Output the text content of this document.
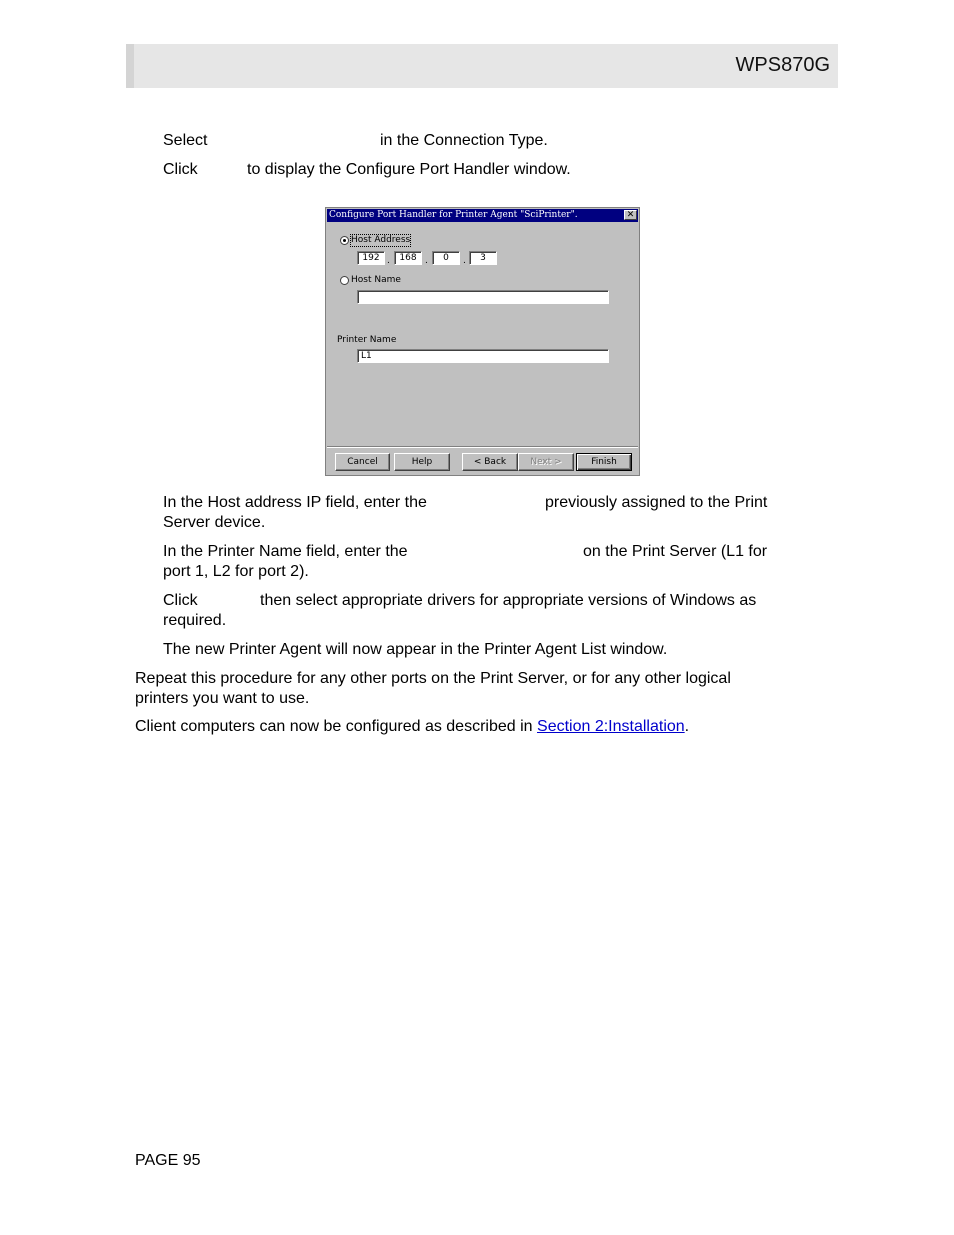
WPS870G
Select	in the Connection Type.
Click	to display the Configure Port Handler window.
Configure Port Handler for Printer Agent "SciPrinter".	✕
Host Address
192 .	168 .	0	.	3
Host Name
Printer Name
L1
Cancel	Help	< Back	Next >	Finish
In the Host address IP field, enter the	previously assigned to the Print
Server device.
In the Printer Name field, enter the	on the Print Server (L1 for
port 1, L2 for port 2).
Click	then select appropriate drivers for appropriate versions of Windows as
required.
The new Printer Agent will now appear in the Printer Agent List window.
Repeat this procedure for any other ports on the Print Server, or for any other logical
printers you want to use.
Client computers can now be configured as described in Section 2:Installation.
PAGE 95
